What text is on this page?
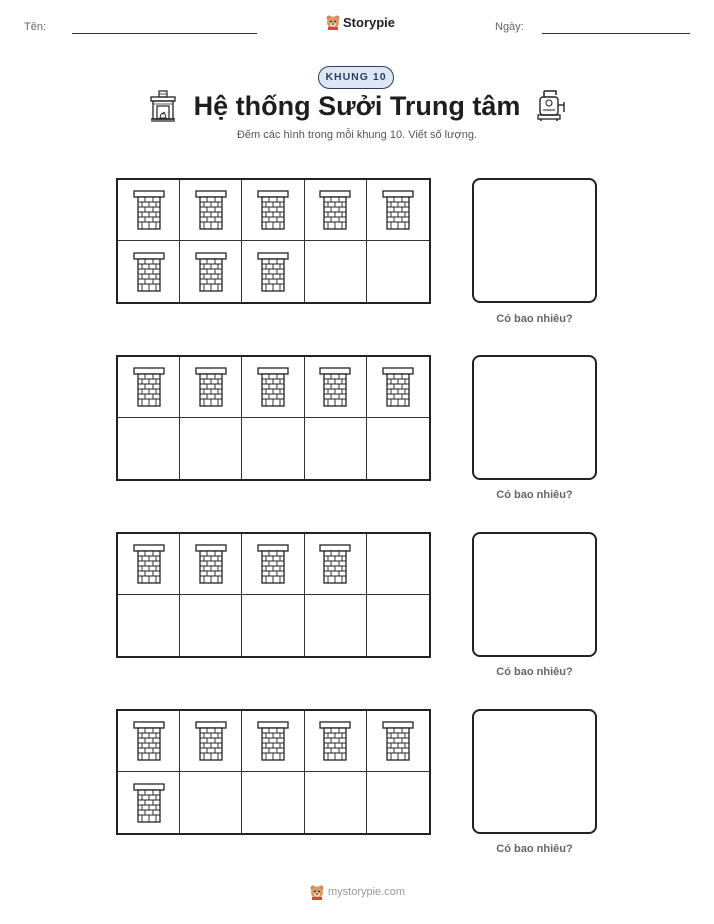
Tên:	Storypie	Ngày:
KHUNG 10
Hệ thống Sưởi Trung tâm
Đếm các hình trong mỗi khung 10. Viết số lượng.
Có bao nhiêu?
Có bao nhiêu?
Có bao nhiêu?
Có bao nhiêu?
mystorypie.com
